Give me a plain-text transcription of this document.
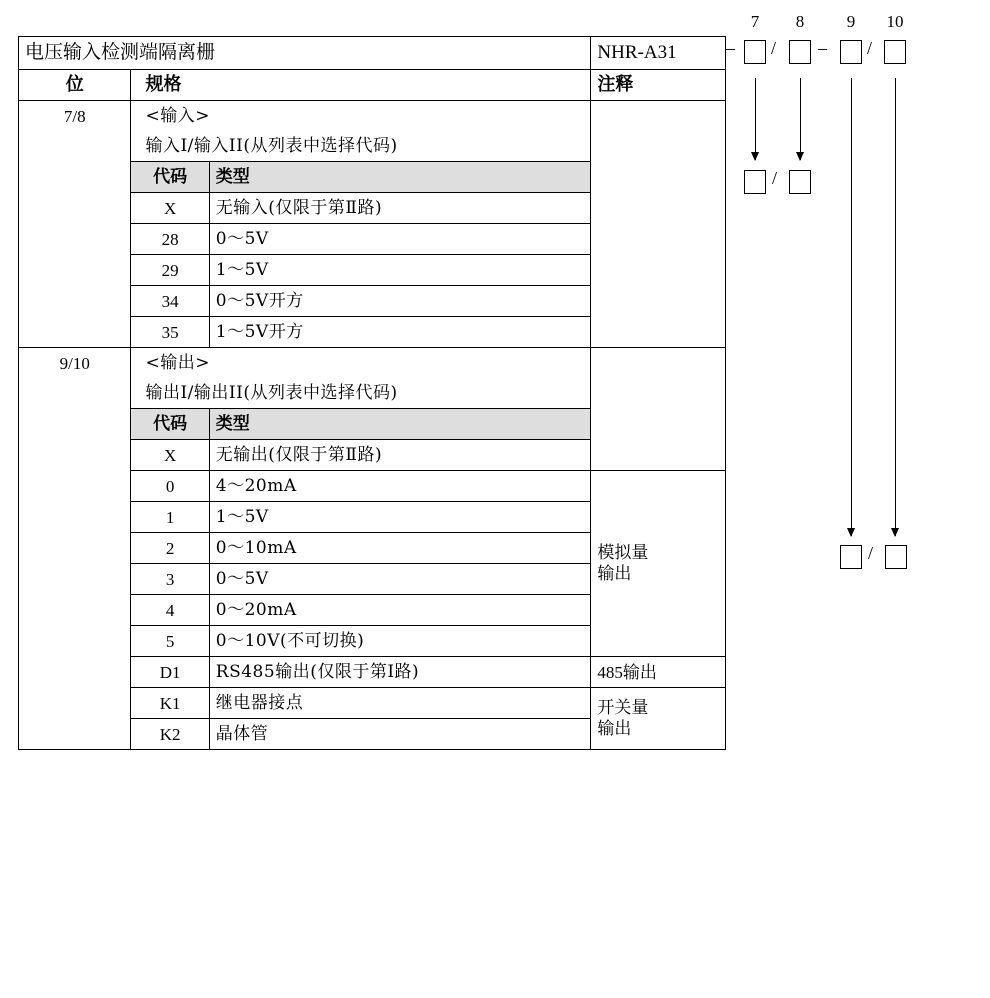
电压输入检测端隔离栅			NHR-A31
位	规格		注释
7/8	<输入>		
	输入I/输入II(从列表中选择代码)		
	代码	类型	
	X	无输入(仅限于第Ⅱ路)	
	28	0～5V	
	29	1～5V	
	34	0～5V开方	
	35	1～5V开方	
9/10	<输出>		
	输出I/输出II(从列表中选择代码)		
	代码	类型	
	X	无输出(仅限于第Ⅱ路)	
	0	4～20mA	模拟量
输出

	1	1～5V	
	2	0～10mA	
	3	0～5V	
	4	0～20mA	
	5	0～10V(不可切换)	
	D1	RS485输出(仅限于第Ⅰ路)	485输出
	K1	继电器接点	开关量
输出

	K2	晶体管	
7	8	9	10
– / – /
/
/
